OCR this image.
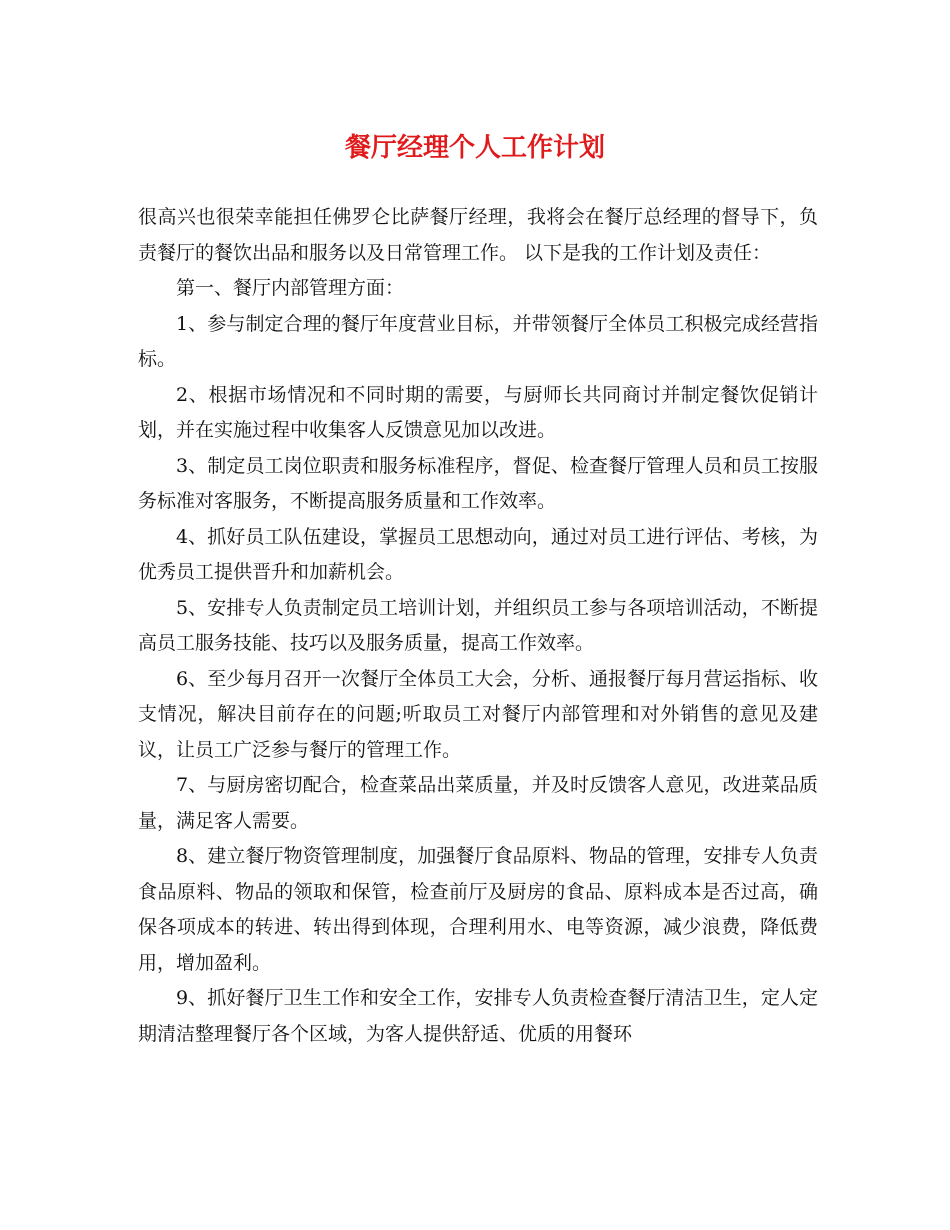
餐厅经理个人工作计划

很高兴也很荣幸能担任佛罗仑比萨餐厅经理，我将会在餐厅总经理的督导下，负责餐厅的餐饮出品和服务以及日常管理工作。 以下是我的工作计划及责任：

第一、餐厅内部管理方面：

1、参与制定合理的餐厅年度营业目标，并带领餐厅全体员工积极完成经营指标。

2、根据市场情况和不同时期的需要，与厨师长共同商讨并制定餐饮促销计划，并在实施过程中收集客人反馈意见加以改进。

3、制定员工岗位职责和服务标准程序，督促、检查餐厅管理人员和员工按服务标准对客服务，不断提高服务质量和工作效率。

4、抓好员工队伍建设，掌握员工思想动向，通过对员工进行评估、考核，为优秀员工提供晋升和加薪机会。

5、安排专人负责制定员工培训计划，并组织员工参与各项培训活动，不断提高员工服务技能、技巧以及服务质量，提高工作效率。

6、至少每月召开一次餐厅全体员工大会，分析、通报餐厅每月营运指标、收支情况，解决目前存在的问题;听取员工对餐厅内部管理和对外销售的意见及建议，让员工广泛参与餐厅的管理工作。

7、与厨房密切配合，检查菜品出菜质量，并及时反馈客人意见，改进菜品质量，满足客人需要。

8、建立餐厅物资管理制度，加强餐厅食品原料、物品的管理，安排专人负责食品原料、物品的领取和保管，检查前厅及厨房的食品、原料成本是否过高，确保各项成本的转进、转出得到体现，合理利用水、电等资源，减少浪费，降低费用，增加盈利。

9、抓好餐厅卫生工作和安全工作，安排专人负责检查餐厅清洁卫生，定人定期清洁整理餐厅各个区域，为客人提供舒适、优质的用餐环
